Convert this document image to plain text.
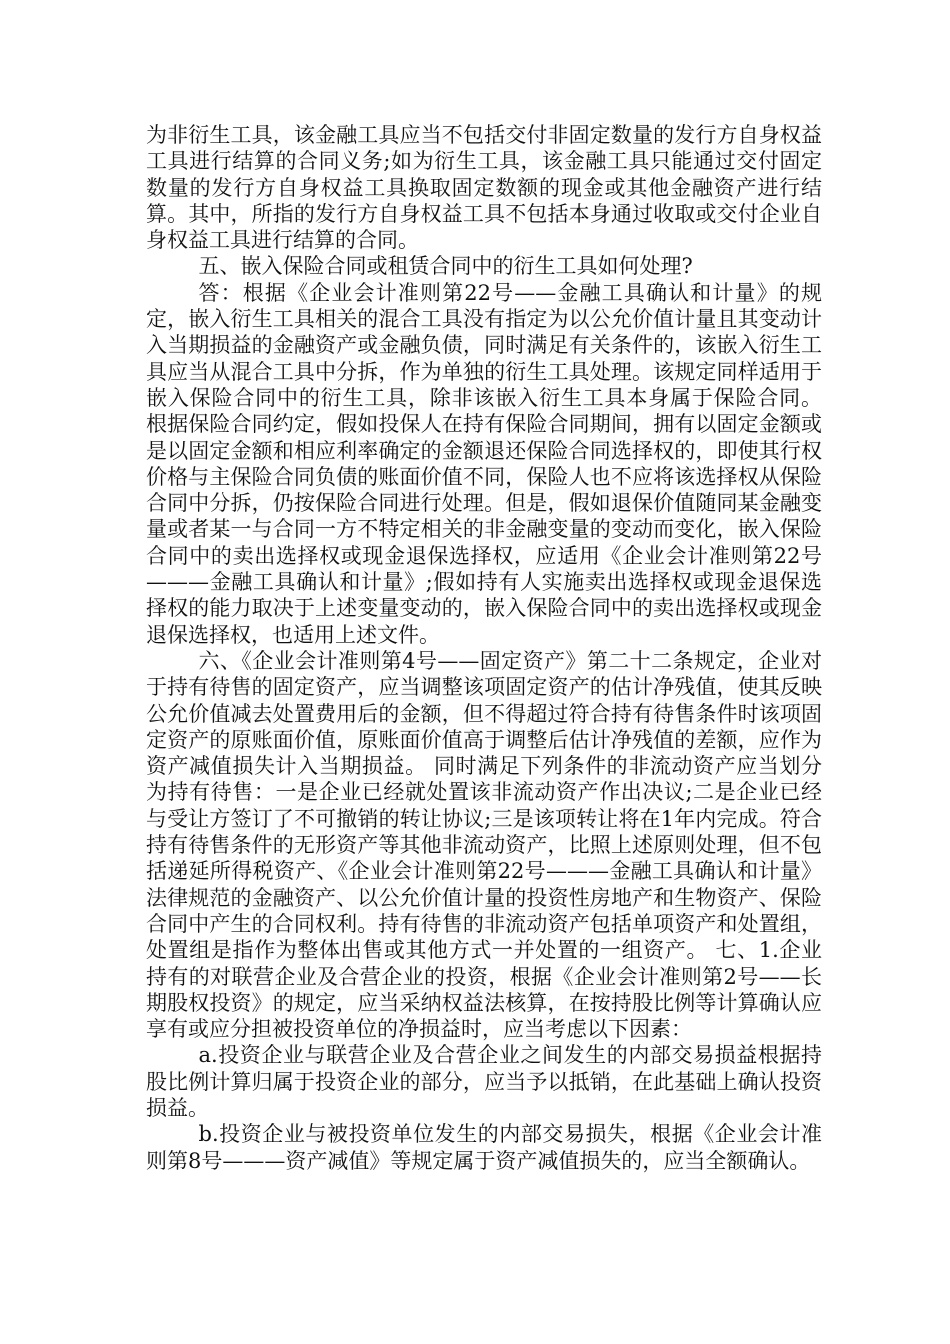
为非衍生工具，该金融工具应当不包括交付非固定数量的发行方自身权益工具进行结算的合同义务;如为衍生工具，该金融工具只能通过交付固定数量的发行方自身权益工具换取固定数额的现金或其他金融资产进行结算。其中，所指的发行方自身权益工具不包括本身通过收取或交付企业自身权益工具进行结算的合同。

五、嵌入保险合同或租赁合同中的衍生工具如何处理?

答：根据《企业会计准则第22号——金融工具确认和计量》的规定，嵌入衍生工具相关的混合工具没有指定为以公允价值计量且其变动计入当期损益的金融资产或金融负债，同时满足有关条件的，该嵌入衍生工具应当从混合工具中分拆，作为单独的衍生工具处理。该规定同样适用于嵌入保险合同中的衍生工具，除非该嵌入衍生工具本身属于保险合同。 根据保险合同约定，假如投保人在持有保险合同期间，拥有以固定金额或是以固定金额和相应利率确定的金额退还保险合同选择权的，即使其行权价格与主保险合同负债的账面价值不同，保险人也不应将该选择权从保险合同中分拆，仍按保险合同进行处理。但是，假如退保价值随同某金融变量或者某一与合同一方不特定相关的非金融变量的变动而变化，嵌入保险合同中的卖出选择权或现金退保选择权，应适用《企业会计准则第22号———金融工具确认和计量》;假如持有人实施卖出选择权或现金退保选择权的能力取决于上述变量变动的，嵌入保险合同中的卖出选择权或现金退保选择权，也适用上述文件。

六、《企业会计准则第4号——固定资产》第二十二条规定，企业对于持有待售的固定资产，应当调整该项固定资产的估计净残值，使其反映公允价值减去处置费用后的金额，但不得超过符合持有待售条件时该项固定资产的原账面价值，原账面价值高于调整后估计净残值的差额，应作为资产减值损失计入当期损益。 同时满足下列条件的非流动资产应当划分为持有待售：一是企业已经就处置该非流动资产作出决议;二是企业已经与受让方签订了不可撤销的转让协议;三是该项转让将在1年内完成。符合持有待售条件的无形资产等其他非流动资产，比照上述原则处理，但不包括递延所得税资产、《企业会计准则第22号———金融工具确认和计量》法律规范的金融资产、以公允价值计量的投资性房地产和生物资产、保险合同中产生的合同权利。持有待售的非流动资产包括单项资产和处置组，处置组是指作为整体出售或其他方式一并处置的一组资产。 七、1.企业持有的对联营企业及合营企业的投资，根据《企业会计准则第2号——长期股权投资》的规定，应当采纳权益法核算，在按持股比例等计算确认应享有或应分担被投资单位的净损益时，应当考虑以下因素：

a.投资企业与联营企业及合营企业之间发生的内部交易损益根据持股比例计算归属于投资企业的部分，应当予以抵销，在此基础上确认投资损益。

b.投资企业与被投资单位发生的内部交易损失，根据《企业会计准则第8号———资产减值》等规定属于资产减值损失的，应当全额确认。
